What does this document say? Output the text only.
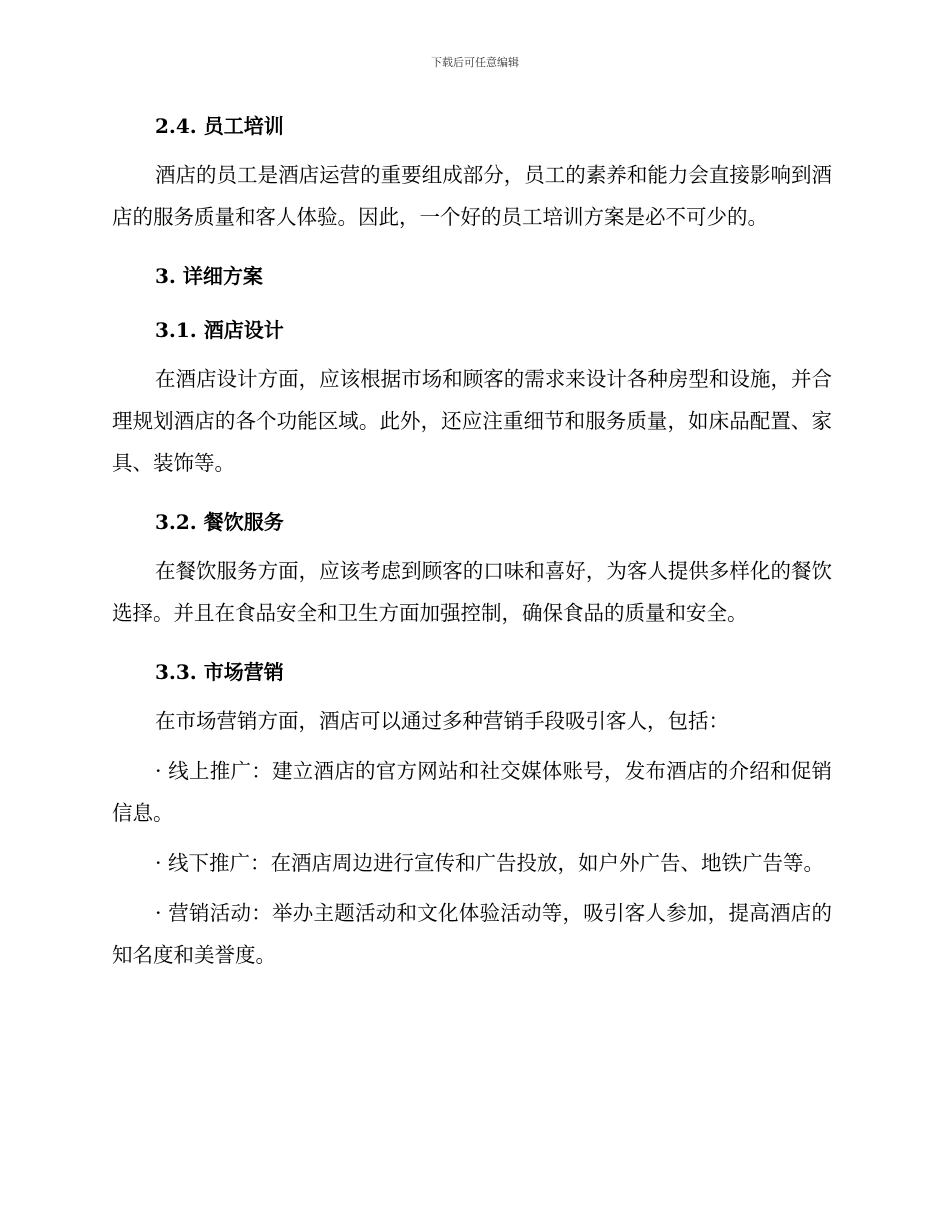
下载后可任意编辑
2.4. 员工培训

酒店的员工是酒店运营的重要组成部分，员工的素养和能力会直接影响到酒店的服务质量和客人体验。因此，一个好的员工培训方案是必不可少的。

3. 详细方案
3.1. 酒店设计

在酒店设计方面，应该根据市场和顾客的需求来设计各种房型和设施，并合理规划酒店的各个功能区域。此外，还应注重细节和服务质量，如床品配置、家具、装饰等。

3.2. 餐饮服务

在餐饮服务方面，应该考虑到顾客的口味和喜好，为客人提供多样化的餐饮选择。并且在食品安全和卫生方面加强控制，确保食品的质量和安全。

3.3. 市场营销

在市场营销方面，酒店可以通过多种营销手段吸引客人，包括：

· 线上推广：建立酒店的官方网站和社交媒体账号，发布酒店的介绍和促销信息。

· 线下推广：在酒店周边进行宣传和广告投放，如户外广告、地铁广告等。

· 营销活动：举办主题活动和文化体验活动等，吸引客人参加，提高酒店的知名度和美誉度。
